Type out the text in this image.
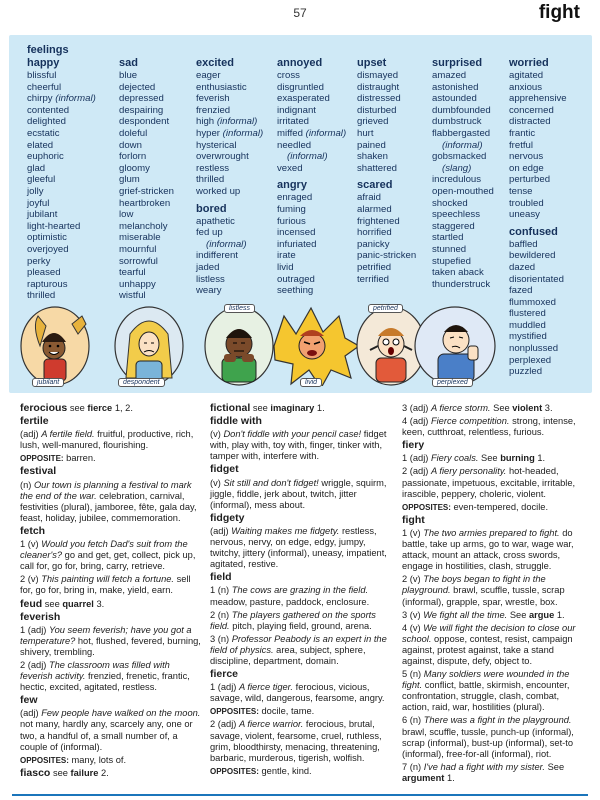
57	fight
feelings
happy
blissful
cheerful
chirpy (informal)
contented
delighted
ecstatic
elated
euphoric
glad
gleeful
jolly
joyful
jubilant
light-hearted
optimistic
overjoyed
perky
pleased
rapturous
thrilled
sad
blue
dejected
depressed
despairing
despondent
doleful
down
forlorn
gloomy
glum
grief-stricken
heartbroken
low
melancholy
miserable
mournful
sorrowful
tearful
unhappy
wistful
excited
eager
enthusiastic
feverish
frenzied
high (informal)
hyper (informal)
hysterical
overwrought
restless
thrilled
worked up
bored
apathetic
fed up
(informal)
indifferent
jaded
listless
weary
annoyed
cross
disgruntled
exasperated
indignant
irritated
miffed (informal)
needled
(informal)
vexed
angry
enraged
fuming
furious
incensed
infuriated
irate
livid
outraged
seething
upset
dismayed
distraught
distressed
disturbed
grieved
hurt
pained
shaken
shattered
scared
afraid
alarmed
frightened
horrified
panicky
panic-stricken
petrified
terrified
surprised
amazed
astonished
astounded
dumbfounded
dumbstruck
flabbergasted
(informal)
gobsmacked
(slang)
incredulous
open-mouthed
shocked
speechless
staggered
startled
stunned
stupefied
taken aback
thunderstruck
worried
agitated
anxious
apprehensive
concerned
distracted
frantic
fretful
nervous
on edge
perturbed
tense
troubled
uneasy
confused
baffled
bewildered
dazed
disorientated
fazed
flummoxed
flustered
muddled
mystified
nonplussed
perplexed
puzzled
jubilant	despondent
listless
livid
petrified
perplexed

ferocious see fierce 1, 2.

fertile

(adj) A fertile field. fruitful, productive, rich, lush, well-manured, flourishing.

OPPOSITE: barren.

festival

(n) Our town is planning a festival to mark the end of the war. celebration, carnival, festivities (plural), jamboree, fête, gala day, feast, holiday, jubilee, commemoration.

fetch

1 (v) Would you fetch Dad's suit from the cleaner's? go and get, get, collect, pick up, call for, go for, bring, carry, retrieve.

2 (v) This painting will fetch a fortune. sell for, go for, bring in, make, yield, earn.

feud see quarrel 3.

feverish

1 (adj) You seem feverish; have you got a temperature? hot, flushed, fevered, burning, shivery, trembling.

2 (adj) The classroom was filled with feverish activity. frenzied, frenetic, frantic, hectic, excited, agitated, restless.

few

(adj) Few people have walked on the moon. not many, hardly any, scarcely any, one or two, a handful of, a small number of, a couple of (informal).

OPPOSITES: many, lots of.

fiasco see failure 2.

fictional see imaginary 1.

fiddle with

(v) Don't fiddle with your pencil case! fidget with, play with, toy with, finger, tinker with, tamper with, interfere with.

fidget

(v) Sit still and don't fidget! wriggle, squirm, jiggle, fiddle, jerk about, twitch, jitter (informal), mess about.

fidgety

(adj) Waiting makes me fidgety. restless, nervous, nervy, on edge, edgy, jumpy, twitchy, jittery (informal), uneasy, impatient, agitated, restive.

field

1 (n) The cows are grazing in the field. meadow, pasture, paddock, enclosure.

2 (n) The players gathered on the sports field. pitch, playing field, ground, arena.

3 (n) Professor Peabody is an expert in the field of physics. area, subject, sphere, discipline, department, domain.

fierce

1 (adj) A fierce tiger. ferocious, vicious, savage, wild, dangerous, fearsome, angry.

OPPOSITES: docile, tame.

2 (adj) A fierce warrior. ferocious, brutal, savage, violent, fearsome, cruel, ruthless, grim, bloodthirsty, menacing, threatening, barbaric, murderous, tigerish, wolfish.

OPPOSITES: gentle, kind.

3 (adj) A fierce storm. See violent 3.

4 (adj) Fierce competition. strong, intense, keen, cutthroat, relentless, furious.

fiery

1 (adj) Fiery coals. See burning 1.

2 (adj) A fiery personality. hot-headed, passionate, impetuous, excitable, irritable, irascible, peppery, choleric, violent.

OPPOSITES: even-tempered, docile.

fight

1 (v) The two armies prepared to fight. do battle, take up arms, go to war, wage war, attack, mount an attack, cross swords, engage in hostilities, clash, struggle.

2 (v) The boys began to fight in the playground. brawl, scuffle, tussle, scrap (informal), grapple, spar, wrestle, box.

3 (v) We fight all the time. See argue 1.

4 (v) We will fight the decision to close our school. oppose, contest, resist, campaign against, protest against, take a stand against, dispute, defy, object to.

5 (n) Many soldiers were wounded in the fight. conflict, battle, skirmish, encounter, confrontation, struggle, clash, combat, action, raid, war, hostilities (plural).

6 (n) There was a fight in the playground. brawl, scuffle, tussle, punch-up (informal), scrap (informal), bust-up (informal), set-to (informal), free-for-all (informal), riot.

7 (n) I've had a fight with my sister. See argument 1.
